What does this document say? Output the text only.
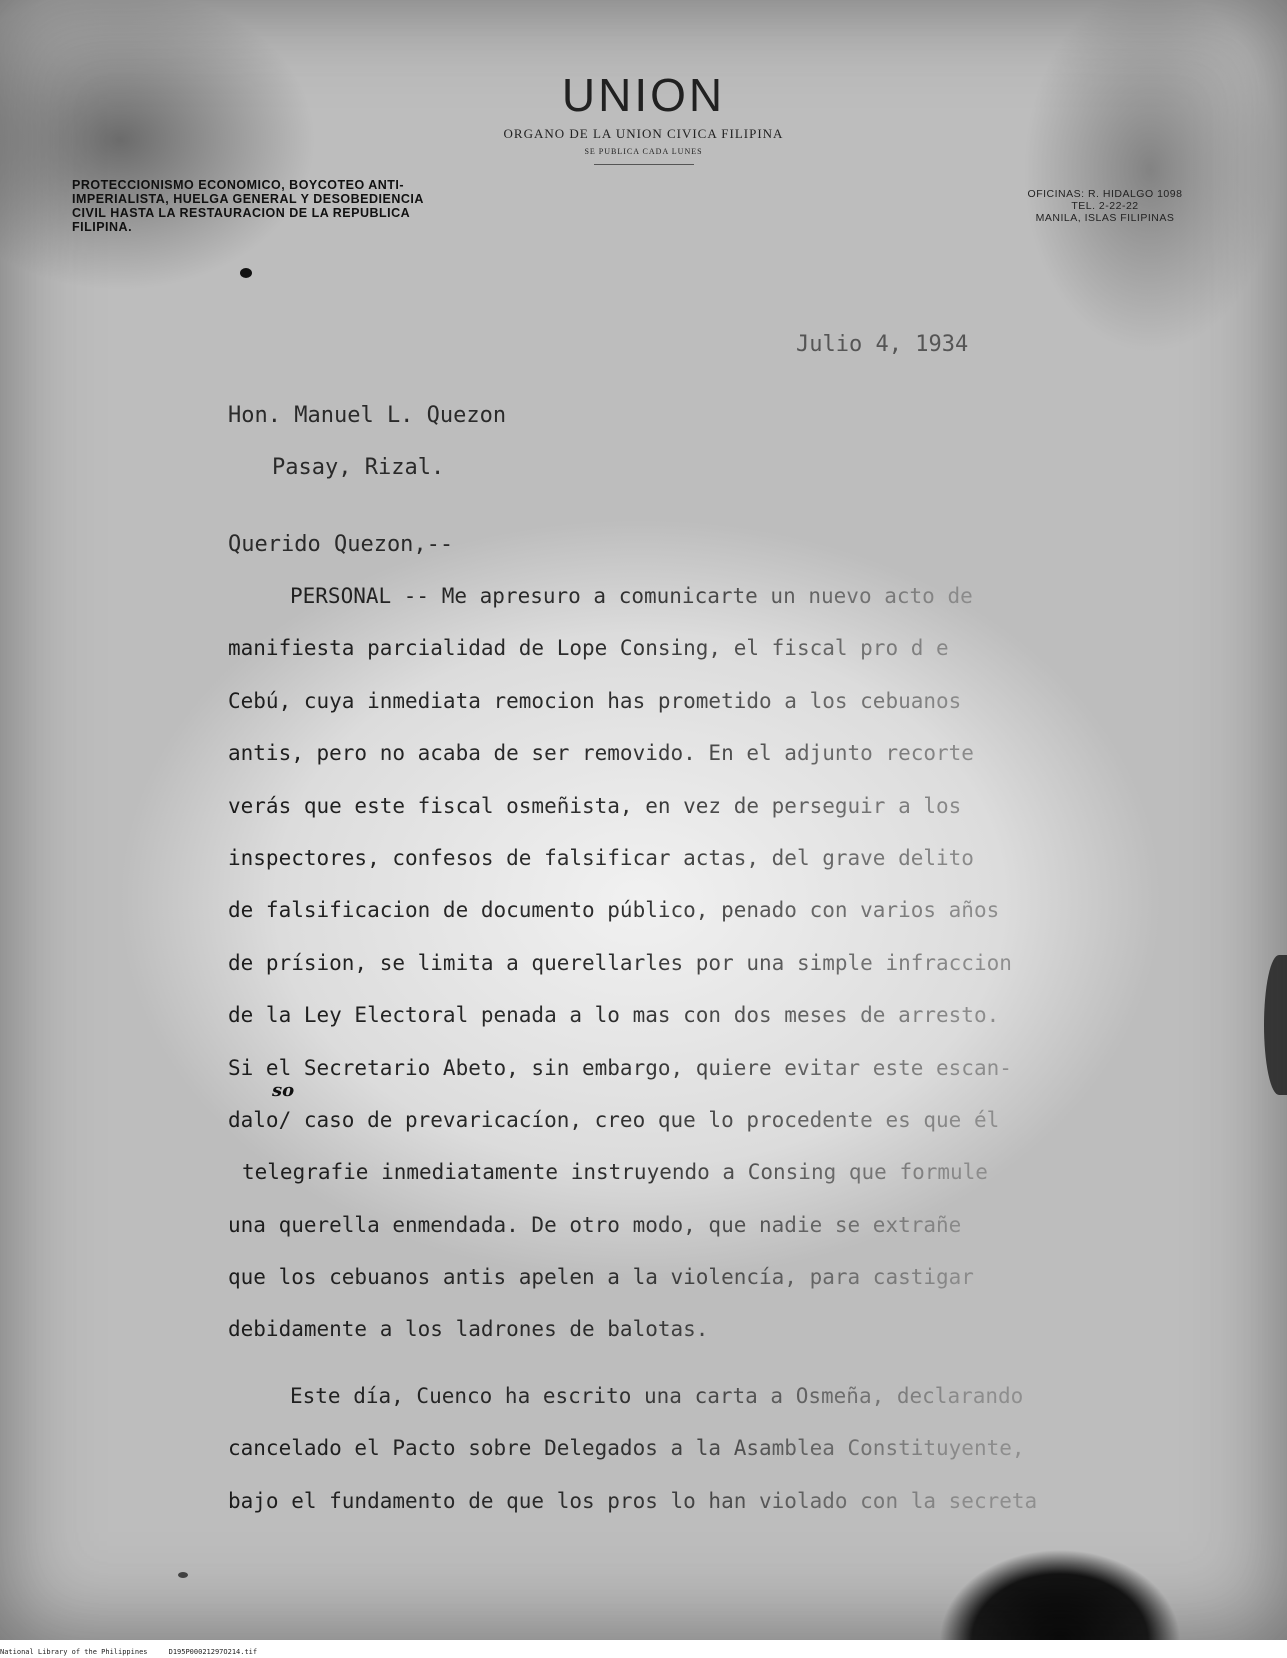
UNION
ORGANO DE LA UNION CIVICA FILIPINA
SE PUBLICA CADA LUNES
PROTECCIONISMO ECONOMICO, BOYCOTEO ANTI-IMPERIALISTA, HUELGA GENERAL Y DESOBEDIENCIA CIVIL HASTA LA RESTAURACION DE LA REPUBLICA FILIPINA.
OFICINAS: R. HIDALGO 1098
TEL. 2-22-22
MANILA, ISLAS FILIPINAS
Julio 4, 1934
Hon. Manuel L. Quezon
Pasay, Rizal.
Querido Quezon,--
PERSONAL -- Me apresuro a comunicarte un nuevo acto de
manifiesta parcialidad de Lope Consing, el fiscal pro d e
Cebú, cuya inmediata remocion has prometido a los cebuanos
antis, pero no acaba de ser removido. En el adjunto recorte
verás que este fiscal osmeñista, en vez de perseguir a los
inspectores, confesos de falsificar actas, del grave delito
de falsificacion de documento público, penado con varios años
de prísion, se limita a querellarles por una simple infraccion
de la Ley Electoral penada a lo mas con dos meses de arresto.
Si el Secretario Abeto, sin embargo, quiere evitar este escan-
dalo/ caso de prevaricacíon, creo que lo procedente es que él
telegrafie inmediatamente instruyendo a Consing que formule
una querella enmendada. De otro modo, que nadie se extrañe
que los cebuanos antis apelen a la violencía, para castigar
debidamente a los ladrones de balotas.
Este día, Cuenco ha escrito una carta a Osmeña, declarando
cancelado el Pacto sobre Delegados a la Asamblea Constituyente,
bajo el fundamento de que los pros lo han violado con la secreta
so
National Library of the Philippines	D195P00021297O214.tif
